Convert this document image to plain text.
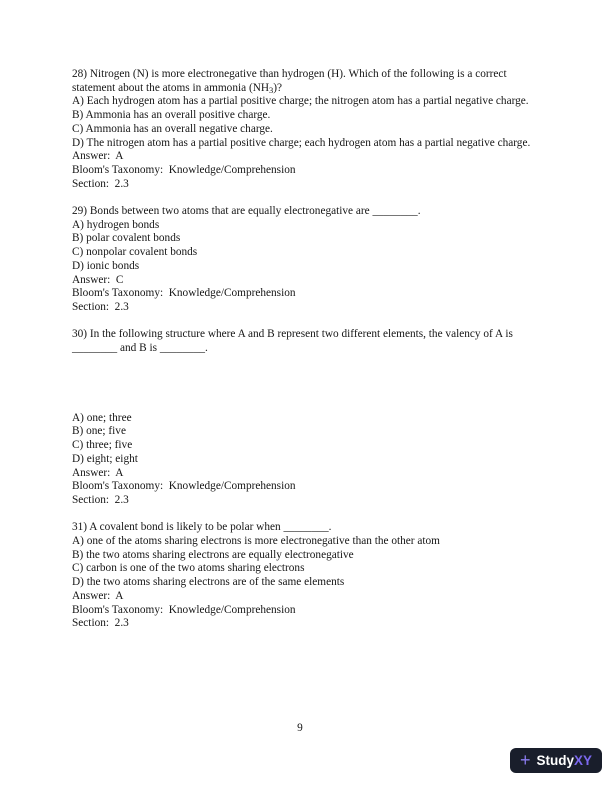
28) Nitrogen (N) is more electronegative than hydrogen (H). Which of the following is a correct statement about the atoms in ammonia $(NH_3)$?

A) Each hydrogen atom has a partial positive charge; the nitrogen atom has a partial negative charge.

B) Ammonia has an overall positive charge.

C) Ammonia has an overall negative charge.

D) The nitrogen atom has a partial positive charge; each hydrogen atom has a partial negative charge.

Answer:  A

Bloom's Taxonomy:  Knowledge/Comprehension

Section:  2.3

29) Bonds between two atoms that are equally electronegative are ________.

A) hydrogen bonds

B) polar covalent bonds

C) nonpolar covalent bonds

D) ionic bonds

Answer:  C

Bloom's Taxonomy:  Knowledge/Comprehension

Section:  2.3

30) In the following structure where A and B represent two different elements, the valency of A is ________ and B is ________.

A) one; three

B) one; five

C) three; five

D) eight; eight

Answer:  A

Bloom's Taxonomy:  Knowledge/Comprehension

Section:  2.3

31) A covalent bond is likely to be polar when ________.

A) one of the atoms sharing electrons is more electronegative than the other atom

B) the two atoms sharing electrons are equally electronegative

C) carbon is one of the two atoms sharing electrons

D) the two atoms sharing electrons are of the same elements

Answer:  A

Bloom's Taxonomy:  Knowledge/Comprehension

Section:  2.3

9
+ Study XY
